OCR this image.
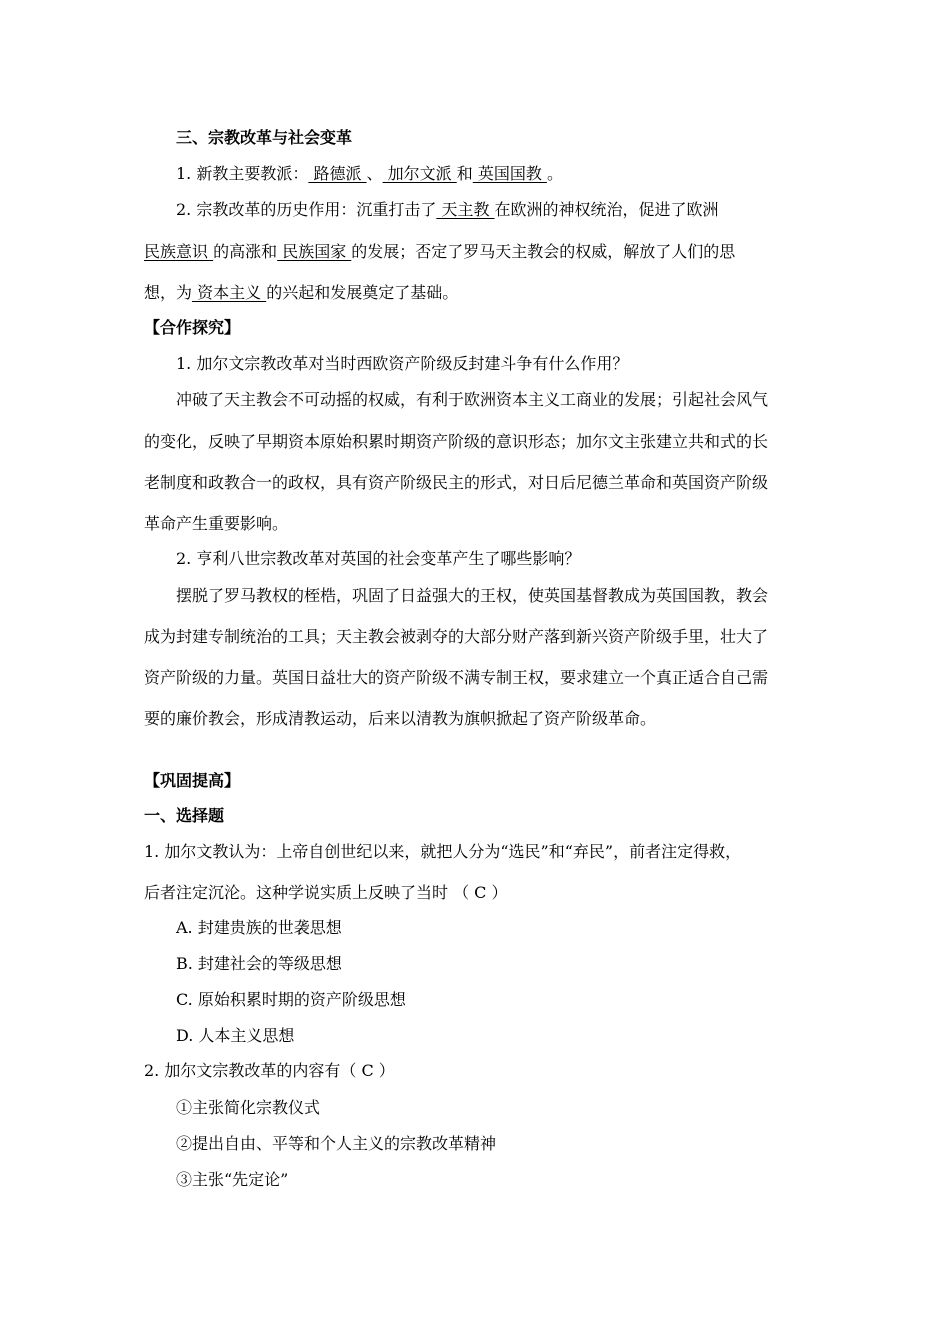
三、宗教改革与社会变革
1. 新教主要教派： 路德派 、 加尔文派 和 英国国教 。
2. 宗教改革的历史作用：沉重打击了 天主教 在欧洲的神权统治，促进了欧洲
民族意识 的高涨和 民族国家 的发展；否定了罗马天主教会的权威，解放了人们的思
想，为 资本主义 的兴起和发展奠定了基础。
【合作探究】
1. 加尔文宗教改革对当时西欧资产阶级反封建斗争有什么作用？
冲破了天主教会不可动摇的权威，有利于欧洲资本主义工商业的发展；引起社会风气
的变化，反映了早期资本原始积累时期资产阶级的意识形态；加尔文主张建立共和式的长
老制度和政教合一的政权，具有资产阶级民主的形式，对日后尼德兰革命和英国资产阶级
革命产生重要影响。
2. 亨利八世宗教改革对英国的社会变革产生了哪些影响？
摆脱了罗马教权的桎梏，巩固了日益强大的王权，使英国基督教成为英国国教，教会
成为封建专制统治的工具；天主教会被剥夺的大部分财产落到新兴资产阶级手里，壮大了
资产阶级的力量。英国日益壮大的资产阶级不满专制王权，要求建立一个真正适合自己需
要的廉价教会，形成清教运动，后来以清教为旗帜掀起了资产阶级革命。
【巩固提高】
一、选择题
1. 加尔文教认为：上帝自创世纪以来，就把人分为“选民”和“弃民”，前者注定得救，
后者注定沉沦。这种学说实质上反映了当时 （ C ）
A. 封建贵族的世袭思想
B. 封建社会的等级思想
C. 原始积累时期的资产阶级思想
D. 人本主义思想
2. 加尔文宗教改革的内容有（ C ）
①主张简化宗教仪式
②提出自由、平等和个人主义的宗教改革精神
③主张“先定论”
